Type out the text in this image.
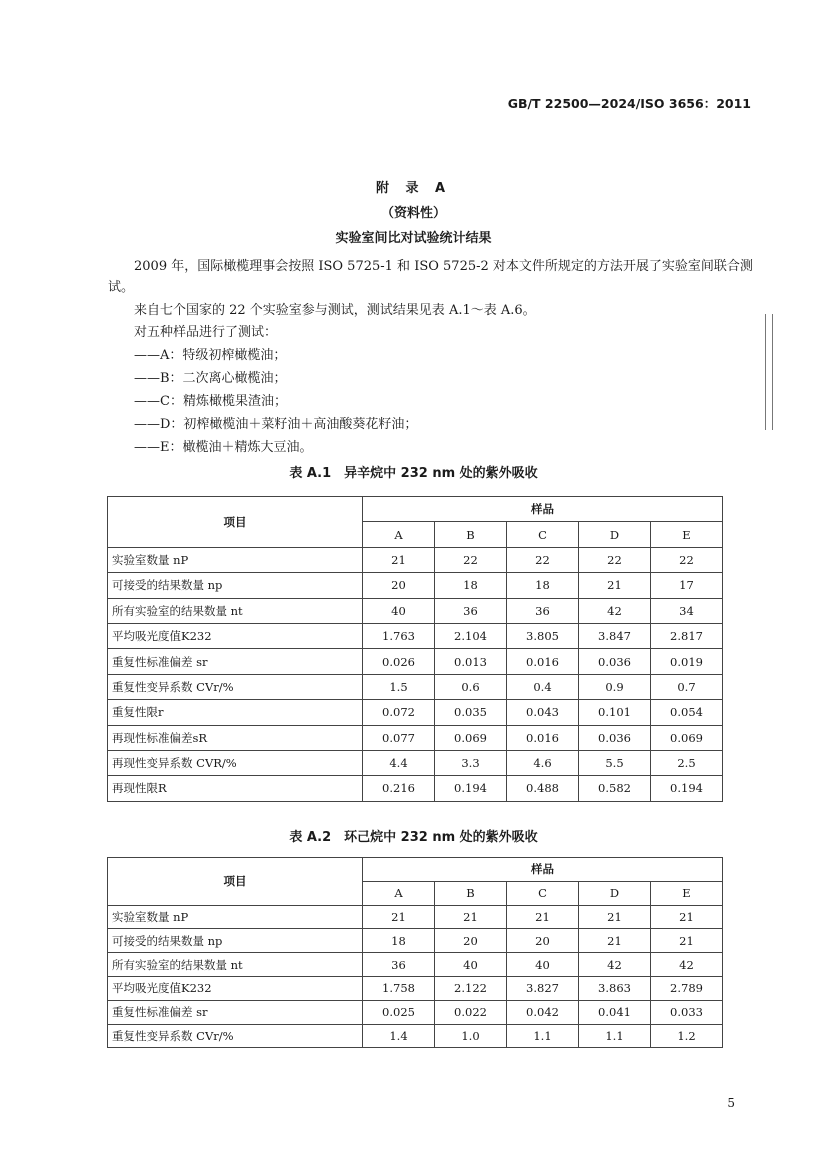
GB/T 22500—2024/ISO 3656：2011
附 录 A
（资料性）
实验室间比对试验统计结果
2009 年，国际橄榄理事会按照 ISO 5725-1 和 ISO 5725-2 对本文件所规定的方法开展了实验室间联合测试。
来自七个国家的 22 个实验室参与测试，测试结果见表 A.1～表 A.6。
对五种样品进行了测试：
——A：特级初榨橄榄油；
——B：二次离心橄榄油；
——C：精炼橄榄果渣油；
——D：初榨橄榄油＋菜籽油＋高油酸葵花籽油；
——E：橄榄油＋精炼大豆油。
表 A.1　异辛烷中 232 nm 处的紫外吸收
项目	样品				
	A	B	C	D	E
实验室数量 nP	21	22	22	22	22
可接受的结果数量 np	20	18	18	21	17
所有实验室的结果数量 nt	40	36	36	42	34
平均吸光度值K232	1.763	2.104	3.805	3.847	2.817
重复性标准偏差 sr	0.026	0.013	0.016	0.036	0.019
重复性变异系数 CVr/%	1.5	0.6	0.4	0.9	0.7
重复性限r	0.072	0.035	0.043	0.101	0.054
再现性标准偏差sR	0.077	0.069	0.016	0.036	0.069
再现性变异系数 CVR/%	4.4	3.3	4.6	5.5	2.5
再现性限R	0.216	0.194	0.488	0.582	0.194
表 A.2　环己烷中 232 nm 处的紫外吸收
项目	样品				
	A	B	C	D	E
实验室数量 nP	21	21	21	21	21
可接受的结果数量 np	18	20	20	21	21
所有实验室的结果数量 nt	36	40	40	42	42
平均吸光度值K232	1.758	2.122	3.827	3.863	2.789
重复性标准偏差 sr	0.025	0.022	0.042	0.041	0.033
重复性变异系数 CVr/%	1.4	1.0	1.1	1.1	1.2
5
